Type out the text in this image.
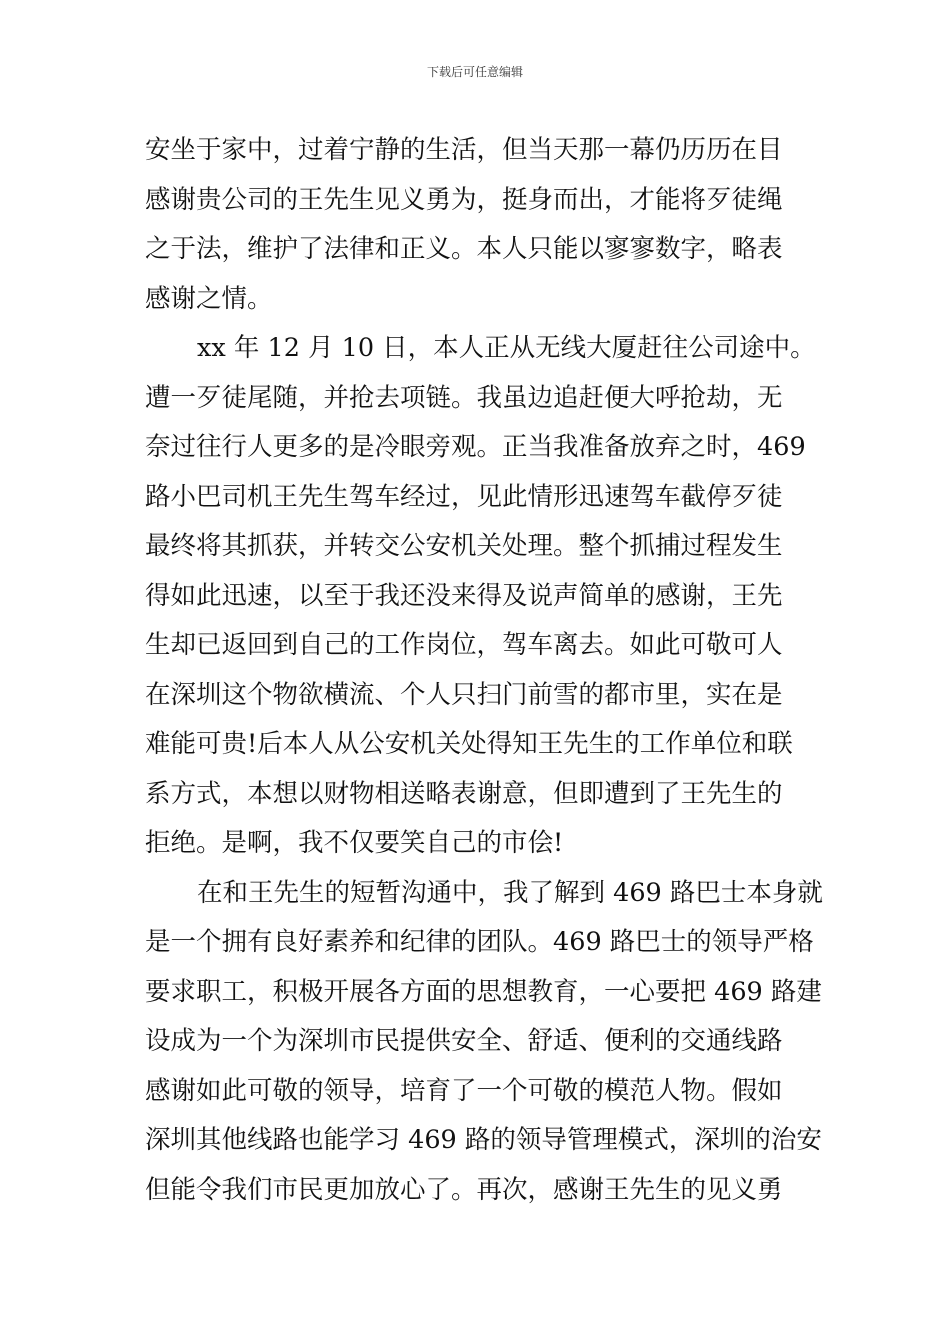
下载后可任意编辑
安坐于家中，过着宁静的生活，但当天那一幕仍历历在目
感谢贵公司的王先生见义勇为，挺身而出，才能将歹徒绳
之于法，维护了法律和正义。本人只能以寥寥数字，略表
感谢之情。
xx 年 12 月 10 日，本人正从无线大厦赶往公司途中。
遭一歹徒尾随，并抢去项链。我虽边追赶便大呼抢劫，无
奈过往行人更多的是冷眼旁观。正当我准备放弃之时，469
路小巴司机王先生驾车经过，见此情形迅速驾车截停歹徒
最终将其抓获，并转交公安机关处理。整个抓捕过程发生
得如此迅速，以至于我还没来得及说声简单的感谢，王先
生却已返回到自己的工作岗位，驾车离去。如此可敬可人
在深圳这个物欲横流、个人只扫门前雪的都市里，实在是
难能可贵!后本人从公安机关处得知王先生的工作单位和联
系方式，本想以财物相送略表谢意，但即遭到了王先生的
拒绝。是啊，我不仅要笑自己的市侩!
在和王先生的短暂沟通中，我了解到 469 路巴士本身就
是一个拥有良好素养和纪律的团队。469 路巴士的领导严格
要求职工，积极开展各方面的思想教育，一心要把 469 路建
设成为一个为深圳市民提供安全、舒适、便利的交通线路
感谢如此可敬的领导，培育了一个可敬的模范人物。假如
深圳其他线路也能学习 469 路的领导管理模式，深圳的治安
但能令我们市民更加放心了。再次，感谢王先生的见义勇
